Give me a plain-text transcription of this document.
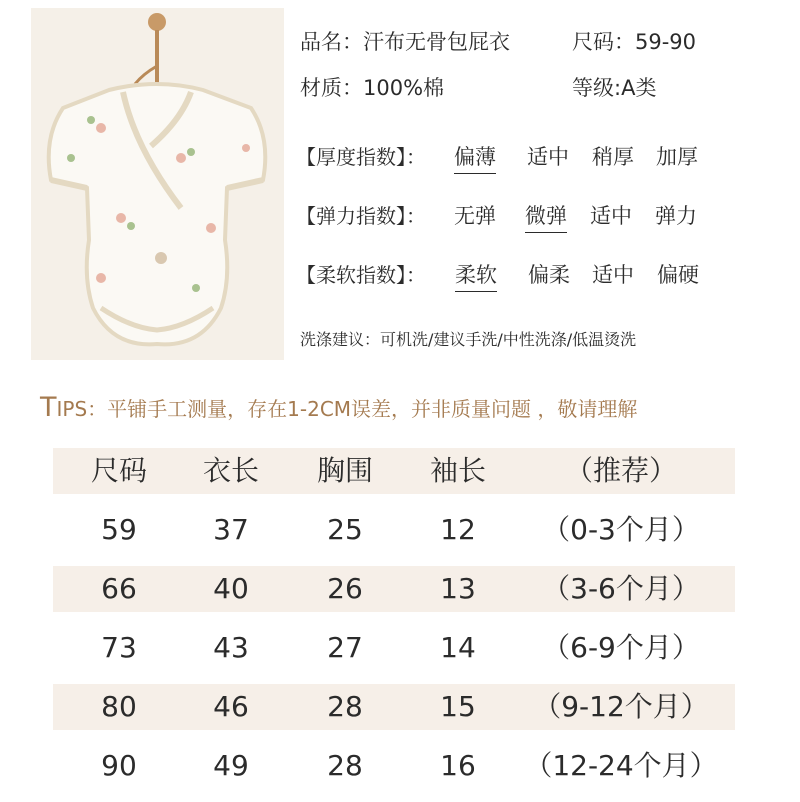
品名：汗布无骨包屁衣	尺码：59-90
材质：100%棉	等级:A类
【厚度指数】： 偏薄 适中 稍厚 加厚
【弹力指数】： 无弹 微弹 适中 弹力
【柔软指数】： 柔软 偏柔 适中 偏硬
洗涤建议：可机洗/建议手洗/中性洗涤/低温烫洗
TIPS：平铺手工测量，存在1-2CM误差，并非质量问题 ，敬请理解
尺码	衣长	胸围	袖长	（推荐）
59	37	25	12	（0-3个月）
66	40	26	13	（3-6个月）
73	43	27	14	（6-9个月）
80	46	28	15	（9-12个月）
90	49	28	16	（12-24个月）
